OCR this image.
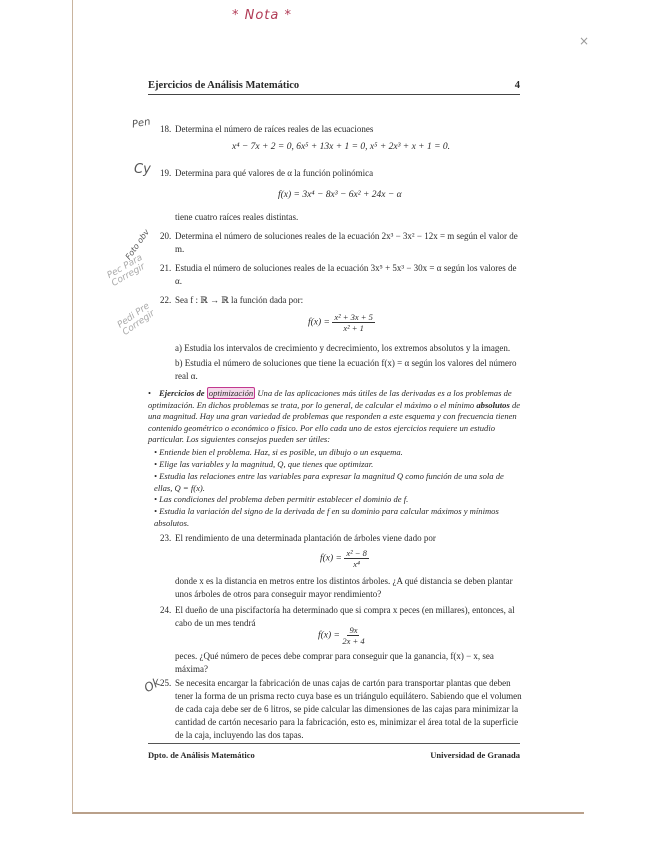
* Nota *
×
Ejercicios de Análisis Matemático	4
Pen
Cy
Foto obv
Pec Para Corregir
Pedi Pre Corregir
Ok
18. Determina el número de raíces reales de las ecuaciones
x⁴ − 7x + 2 = 0, 6x⁵ + 13x + 1 = 0, x⁵ + 2x³ + x + 1 = 0.
19. Determina para qué valores de α la función polinómica
f(x) = 3x⁴ − 8x³ − 6x² + 24x − α
tiene cuatro raíces reales distintas.
20. Determina el número de soluciones reales de la ecuación 2x³ − 3x² − 12x = m según el valor de m.
21. Estudia el número de soluciones reales de la ecuación 3x⁵ + 5x³ − 30x = α según los valores de α.
22. Sea f : ℝ → ℝ la función dada por:
$f(x) = \frac{\text{x² + 3x + 5}}{\text{x² + 1}}$
a) Estudia los intervalos de crecimiento y decrecimiento, los extremos absolutos y la imagen.
b) Estudia el número de soluciones que tiene la ecuación f(x) = α según los valores del número real α.
• Ejercicios de optimización Una de las aplicaciones más útiles de las derivadas es a los problemas de optimización. En dichos problemas se trata, por lo general, de calcular el máximo o el mínimo absolutos de una magnitud. Hay una gran variedad de problemas que responden a este esquema y con frecuencia tienen contenido geométrico o económico o físico. Por ello cada uno de estos ejercicios requiere un estudio particular. Los siguientes consejos pueden ser útiles:
• Entiende bien el problema. Haz, si es posible, un dibujo o un esquema.
• Elige las variables y la magnitud, Q, que tienes que optimizar.
• Estudia las relaciones entre las variables para expresar la magnitud Q como función de una sola de ellas, Q = f(x).
• Las condiciones del problema deben permitir establecer el dominio de f.
• Estudia la variación del signo de la derivada de f en su dominio para calcular máximos y mínimos absolutos.
23. El rendimiento de una determinada plantación de árboles viene dado por
$f(x) = \frac{\text{x² − 8}}{\text{x⁴}}$
donde x es la distancia en metros entre los distintos árboles. ¿A qué distancia se deben plantar unos árboles de otros para conseguir mayor rendimiento?
24. El dueño de una piscifactoría ha determinado que si compra x peces (en millares), entonces, al cabo de un mes tendrá
$f(x) = \frac{9x}{2x + 4}$
peces. ¿Qué número de peces debe comprar para conseguir que la ganancia, f(x) − x, sea máxima?
25. Se necesita encargar la fabricación de unas cajas de cartón para transportar plantas que deben tener la forma de un prisma recto cuya base es un triángulo equilátero. Sabiendo que el volumen de cada caja debe ser de 6 litros, se pide calcular las dimensiones de las cajas para minimizar la cantidad de cartón necesario para la fabricación, esto es, minimizar el área total de la superficie de la caja, incluyendo las dos tapas.
Dpto. de Análisis Matemático	Universidad de Granada
